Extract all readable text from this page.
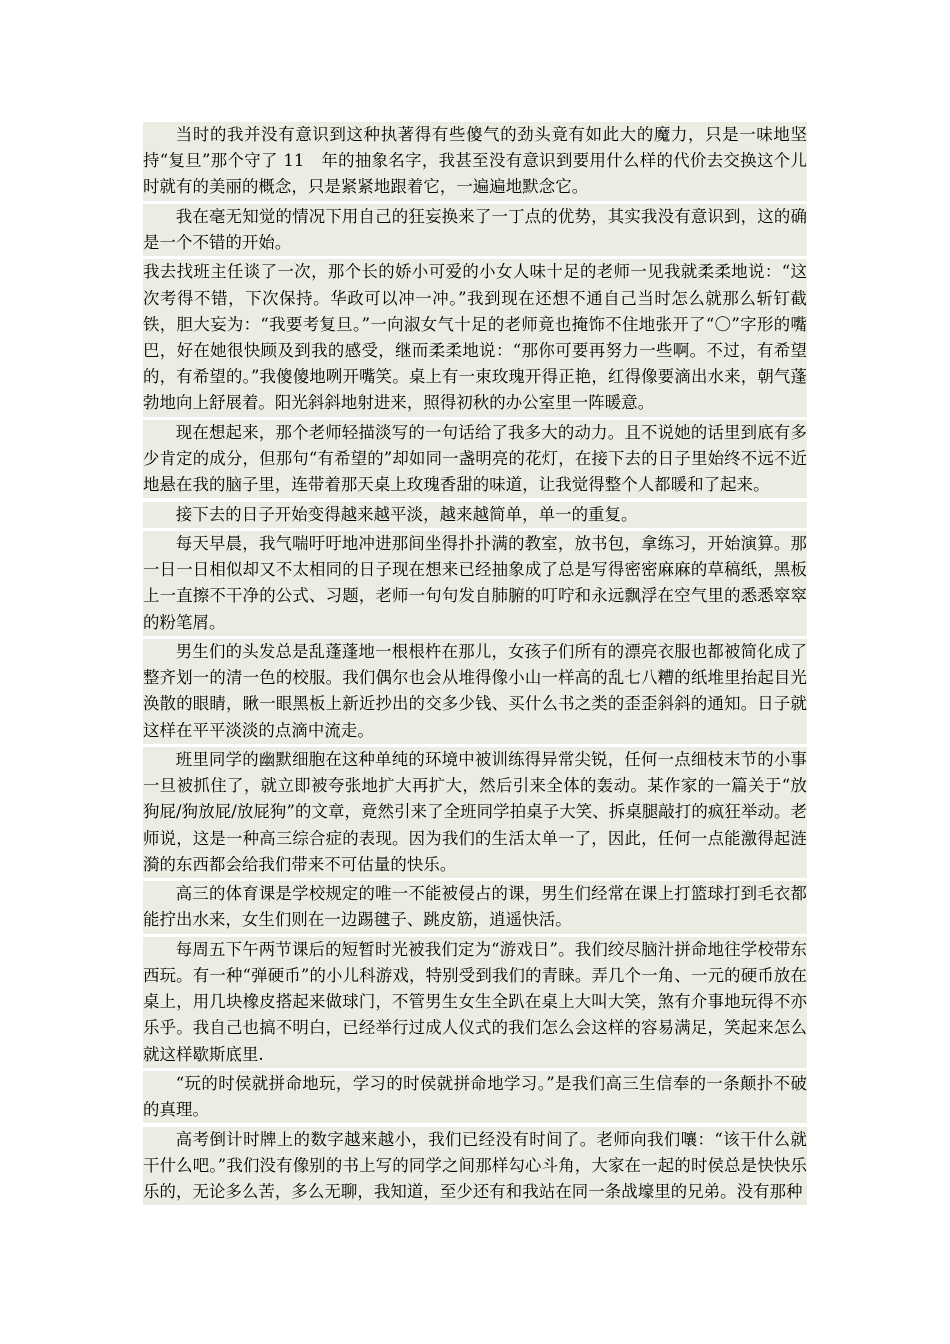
当时的我并没有意识到这种执著得有些傻气的劲头竟有如此大的魔力，只是一味地坚持“复旦”那个守了 11　年的抽象名字，我甚至没有意识到要用什么样的代价去交换这个儿时就有的美丽的概念，只是紧紧地跟着它，一遍遍地默念它。

我在毫无知觉的情况下用自己的狂妄换来了一丁点的优势，其实我没有意识到，这的确是一个不错的开始。

我去找班主任谈了一次，那个长的娇小可爱的小女人味十足的老师一见我就柔柔地说：“这次考得不错，下次保持。华政可以冲一冲。”我到现在还想不通自己当时怎么就那么斩钉截铁，胆大妄为：“我要考复旦。”一向淑女气十足的老师竟也掩饰不住地张开了“〇”字形的嘴巴，好在她很快顾及到我的感受，继而柔柔地说：“那你可要再努力一些啊。不过，有希望的，有希望的。”我傻傻地咧开嘴笑。桌上有一束玫瑰开得正艳，红得像要滴出水来，朝气蓬勃地向上舒展着。阳光斜斜地射进来，照得初秋的办公室里一阵暖意。

现在想起来，那个老师轻描淡写的一句话给了我多大的动力。且不说她的话里到底有多少肯定的成分，但那句“有希望的”却如同一盏明亮的花灯，在接下去的日子里始终不远不近地悬在我的脑子里，连带着那天桌上玫瑰香甜的味道，让我觉得整个人都暖和了起来。

接下去的日子开始变得越来越平淡，越来越简单，单一的重复。

每天早晨，我气喘吁吁地冲进那间坐得扑扑满的教室，放书包，拿练习，开始演算。那一日一日相似却又不太相同的日子现在想来已经抽象成了总是写得密密麻麻的草稿纸，黑板上一直擦不干净的公式、习题，老师一句句发自肺腑的叮咛和永远飘浮在空气里的悉悉窣窣的粉笔屑。

男生们的头发总是乱蓬蓬地一根根杵在那儿，女孩子们所有的漂亮衣服也都被简化成了整齐划一的清一色的校服。我们偶尔也会从堆得像小山一样高的乱七八糟的纸堆里抬起目光涣散的眼睛，瞅一眼黑板上新近抄出的交多少钱、买什么书之类的歪歪斜斜的通知。日子就这样在平平淡淡的点滴中流走。

班里同学的幽默细胞在这种单纯的环境中被训练得异常尖锐，任何一点细枝末节的小事一旦被抓住了，就立即被夸张地扩大再扩大，然后引来全体的轰动。某作家的一篇关于“放狗屁/狗放屁/放屁狗”的文章，竟然引来了全班同学拍桌子大笑、拆桌腿敲打的疯狂举动。老师说，这是一种高三综合症的表现。因为我们的生活太单一了，因此，任何一点能激得起涟漪的东西都会给我们带来不可估量的快乐。

高三的体育课是学校规定的唯一不能被侵占的课，男生们经常在课上打篮球打到毛衣都能拧出水来，女生们则在一边踢毽子、跳皮筋，逍遥快活。

每周五下午两节课后的短暂时光被我们定为“游戏日”。我们绞尽脑汁拼命地往学校带东西玩。有一种“弹硬币”的小儿科游戏，特别受到我们的青睐。弄几个一角、一元的硬币放在桌上，用几块橡皮搭起来做球门，不管男生女生全趴在桌上大叫大笑，煞有介事地玩得不亦乐乎。我自己也搞不明白，已经举行过成人仪式的我们怎么会这样的容易满足，笑起来怎么就这样歇斯底里.

“玩的时侯就拼命地玩，学习的时侯就拼命地学习。”是我们高三生信奉的一条颠扑不破的真理。

高考倒计时牌上的数字越来越小，我们已经没有时间了。老师向我们嚷：“该干什么就干什么吧。”我们没有像别的书上写的同学之间那样勾心斗角，大家在一起的时侯总是快快乐乐的，无论多么苦，多么无聊，我知道，至少还有和我站在同一条战壕里的兄弟。没有那种
